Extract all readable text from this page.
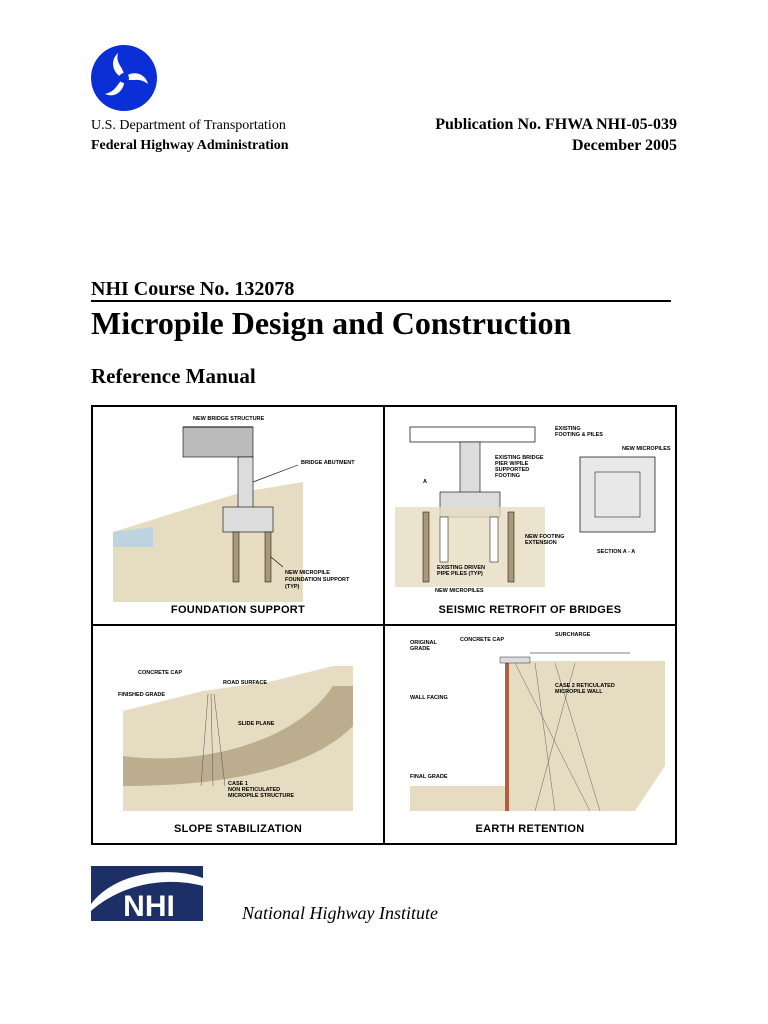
U.S. Department of Transportation
Federal Highway Administration
Publication No. FHWA NHI-05-039
December 2005
NHI Course No. 132078
Micropile Design and Construction
Reference Manual
NEW BRIDGE STRUCTURE
BRIDGE ABUTMENT
NEW MICROPILE
FOUNDATION SUPPORT
(TYP)
FOUNDATION SUPPORT
EXISTING BRIDGE
PIER W/PILE
SUPPORTED
FOOTING
EXISTING
FOOTING & PILES
NEW MICROPILES
A
NEW FOOTING
EXTENSION
EXISTING DRIVEN
PIPE PILES (TYP)
NEW MICROPILES
SECTION A - A
SEISMIC RETROFIT OF BRIDGES
CONCRETE CAP
ROAD SURFACE
FINISHED GRADE
SLIDE PLANE
CASE 1
NON RETICULATED
MICROPILE STRUCTURE
SLOPE STABILIZATION
ORIGINAL
GRADE
CONCRETE CAP
SURCHARGE
WALL FACING
CASE 2 RETICULATED
MICROPILE WALL
FINAL GRADE
EARTH RETENTION
NHI	National Highway Institute
